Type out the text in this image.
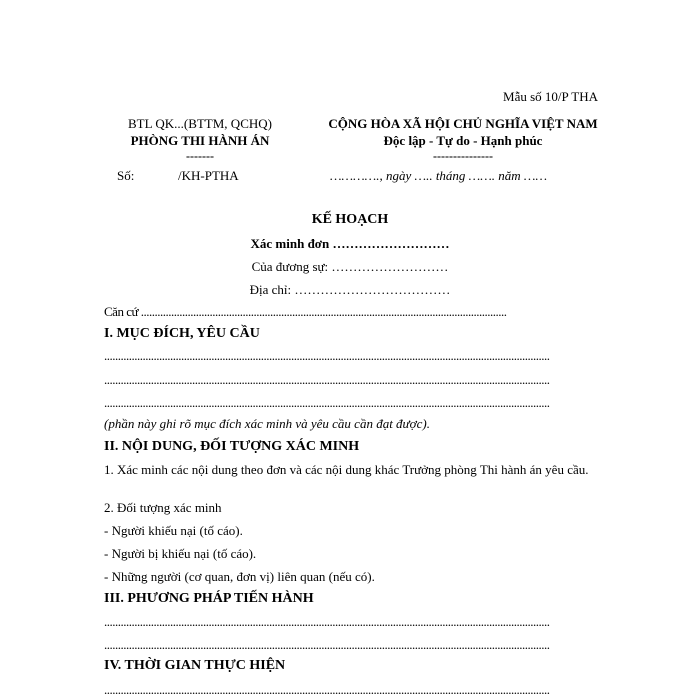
Mẫu số 10/P THA

BTL QK...(BTTM, QCHQ)
PHÒNG THI HÀNH ÁN
-------
CỘNG HÒA XÃ HỘI CHỦ NGHĨA VIỆT NAM
Độc lập - Tự do - Hạnh phúc
---------------
Số:	/KH-PTHA	…………., ngày ….. tháng ……. năm ……
KẾ HOẠCH

Xác minh đơn ………………………

Của đương sự: ………………………

Địa chỉ: ………………………………

Căn cứ .....................................................................................................................................

I. MỤC ĐÍCH, YÊU CẦU

..................................................................................................................................................................

..................................................................................................................................................................

..................................................................................................................................................................

(phần này ghi rõ mục đích xác minh và yêu cầu cần đạt được).

II. NỘI DUNG, ĐỐI TƯỢNG XÁC MINH

1. Xác minh các nội dung theo đơn và các nội dung khác Trưởng phòng Thi hành án yêu cầu.

2. Đối tượng xác minh

- Người khiếu nại (tố cáo).

- Người bị khiếu nại (tố cáo).

- Những người (cơ quan, đơn vị) liên quan (nếu có).

III. PHƯƠNG PHÁP TIẾN HÀNH

..................................................................................................................................................................

..................................................................................................................................................................

IV. THỜI GIAN THỰC HIỆN

..................................................................................................................................................................
